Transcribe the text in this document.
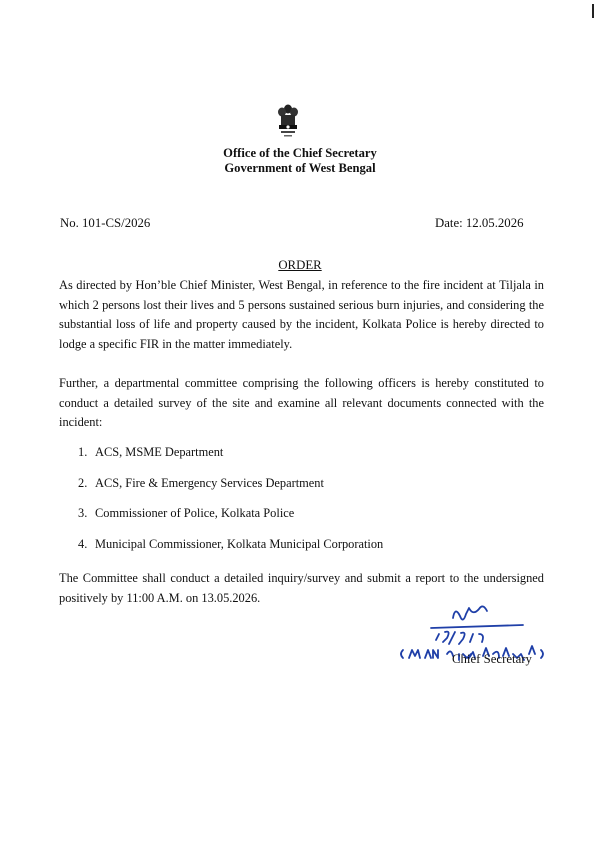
Office of the Chief Secretary
Government of West Bengal
No. 101-CS/2026	Date: 12.05.2026
ORDER
As directed by Hon’ble Chief Minister, West Bengal, in reference to the fire incident at Tiljala in which 2 persons lost their lives and 5 persons sustained serious burn injuries, and considering the substantial loss of life and property caused by the incident, Kolkata Police is hereby directed to lodge a specific FIR in the matter immediately.
Further, a departmental committee comprising the following officers is hereby constituted to conduct a detailed survey of the site and examine all relevant documents connected with the incident:
1. ACS, MSME Department
2. ACS, Fire & Emergency Services Department
3. Commissioner of Police, Kolkata Police
4. Municipal Commissioner, Kolkata Municipal Corporation
The Committee shall conduct a detailed inquiry/survey and submit a report to the undersigned positively by 11:00 A.M. on 13.05.2026.
Chief Secretary
